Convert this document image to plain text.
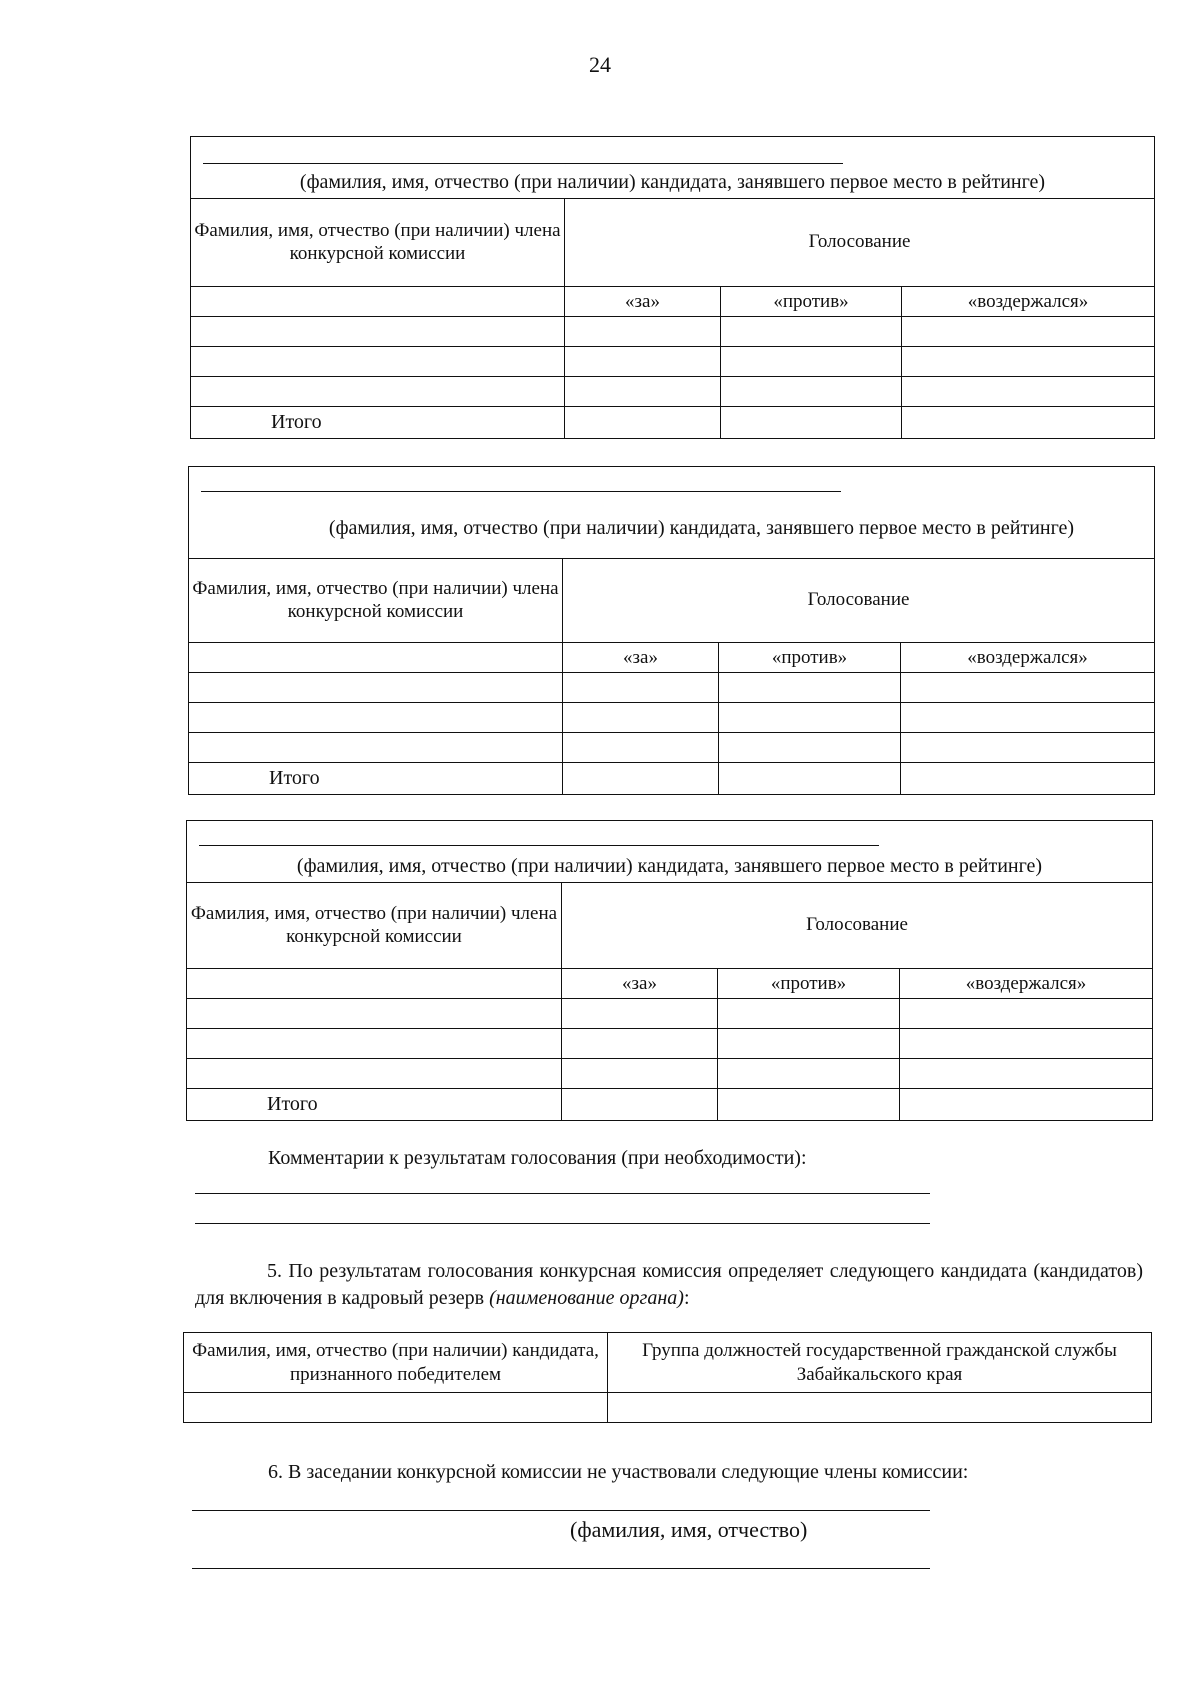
24
(фамилия, имя, отчество (при наличии) кандидата, занявшего первое место в рейтинге)			

Фамилия, имя, отчество (при наличии) члена конкурсной комиссии	Голосование		
	«за»	«против»	«воздержался»

Итого			
(фамилия, имя, отчество (при наличии) кандидата, занявшего первое место в рейтинге)			

Фамилия, имя, отчество (при наличии) члена конкурсной комиссии	Голосование		
	«за»	«против»	«воздержался»

Итого			
(фамилия, имя, отчество (при наличии) кандидата, занявшего первое место в рейтинге)			

Фамилия, имя, отчество (при наличии) члена конкурсной комиссии	Голосование		
	«за»	«против»	«воздержался»

Итого			
Комментарии к результатам голосования (при необходимости):
5. По результатам голосования конкурсная комиссия определяет следующего кандидата (кандидатов) для включения в кадровый резерв (наименование органа):
Фамилия, имя, отчество (при наличии) кандидата, признанного победителем	Группа должностей государственной гражданской службы Забайкальского края

6. В заседании конкурсной комиссии не участвовали следующие члены комиссии:
(фамилия, имя, отчество)
